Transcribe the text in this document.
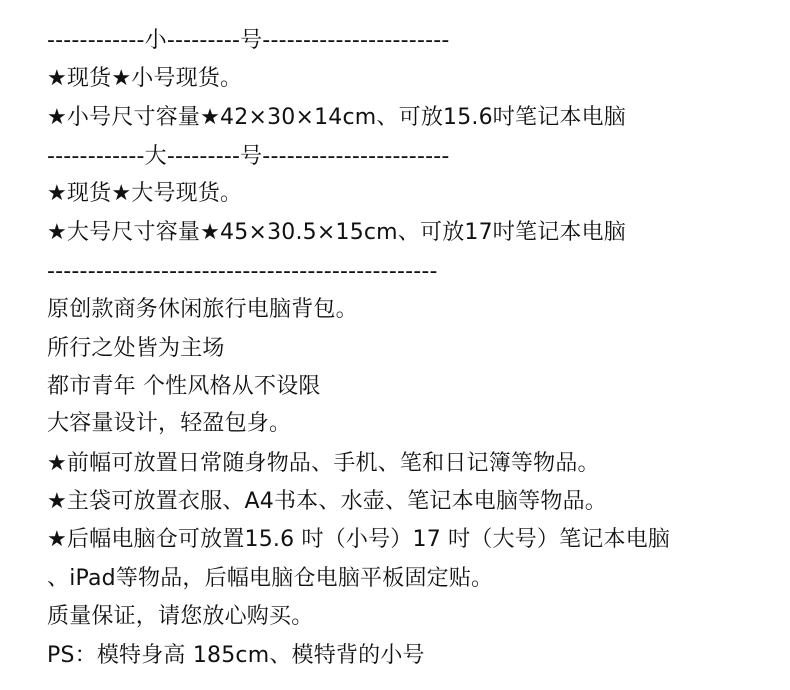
------------小---------号-----------------------
★现货★小号现货。
★小号尺寸容量★42×30×14cm、可放15.6吋笔记本电脑
------------大---------号-----------------------
★现货★大号现货。
★大号尺寸容量★45×30.5×15cm、可放17吋笔记本电脑
------------------------------------------------
原创款商务休闲旅行电脑背包。
所行之处皆为主场
都市青年 个性风格从不设限
大容量设计，轻盈包身。
★前幅可放置日常随身物品、手机、笔和日记簿等物品。
★主袋可放置衣服、A4书本、水壶、笔记本电脑等物品。
★后幅电脑仓可放置15.6 吋（小号）17 吋（大号）笔记本电脑
、iPad等物品，后幅电脑仓电脑平板固定贴。
质量保证，请您放心购买。
PS：模特身高 185cm、模特背的小号
